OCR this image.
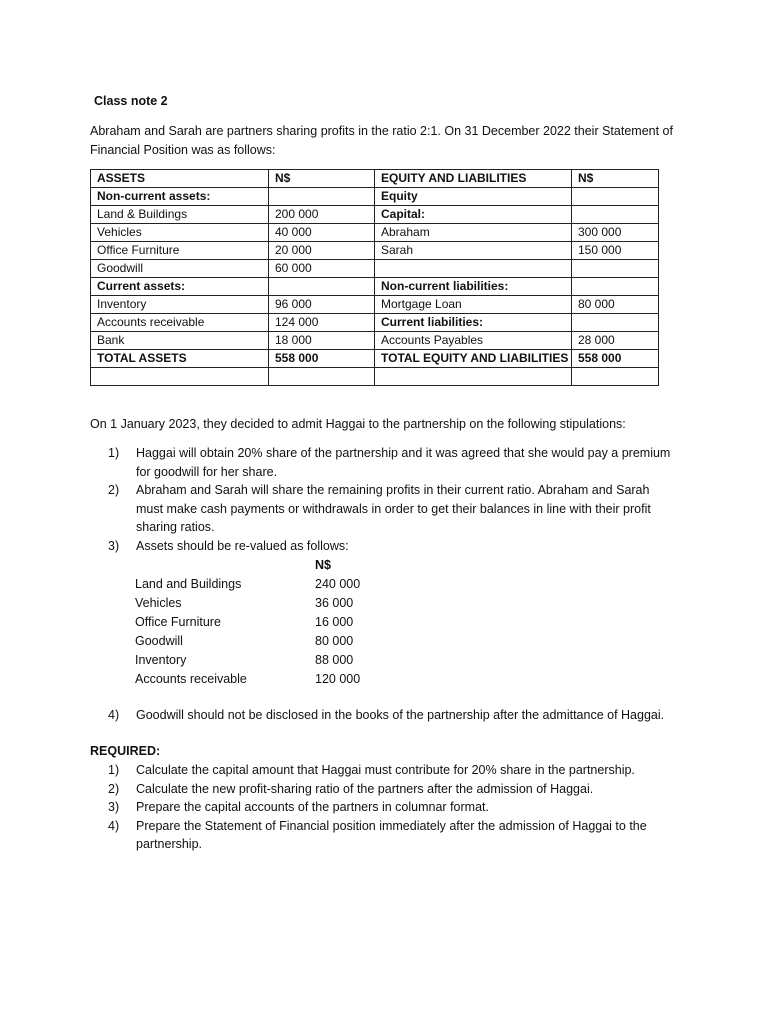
Class note 2
Abraham and Sarah are partners sharing profits in the ratio 2:1. On 31 December 2022 their Statement of Financial Position was as follows:
ASSETS	N$	EQUITY AND LIABILITIES	N$
Non-current assets:		Equity	
Land & Buildings	200 000	Capital:	
Vehicles	40 000	Abraham	300 000
Office Furniture	20 000	Sarah	150 000
Goodwill	60 000		
Current assets:		Non-current liabilities:	
Inventory	96 000	Mortgage Loan	80 000
Accounts receivable	124 000	Current liabilities:	
Bank	18 000	Accounts Payables	28 000
TOTAL ASSETS	558 000	TOTAL EQUITY AND LIABILITIES	558 000

On 1 January 2023, they decided to admit Haggai to the partnership on the following stipulations:
1) Haggai will obtain 20% share of the partnership and it was agreed that she would pay a premium for goodwill for her share.
2) Abraham and Sarah will share the remaining profits in their current ratio. Abraham and Sarah must make cash payments or withdrawals in order to get their balances in line with their profit sharing ratios.
3) Assets should be re-valued as follows:
N$
Land and Buildings	240 000
Vehicles	36 000
Office Furniture	16 000
Goodwill	80 000
Inventory	88 000
Accounts receivable	120 000
4) Goodwill should not be disclosed in the books of the partnership after the admittance of Haggai.
REQUIRED:
1) Calculate the capital amount that Haggai must contribute for 20% share in the partnership.
2) Calculate the new profit-sharing ratio of the partners after the admission of Haggai.
3) Prepare the capital accounts of the partners in columnar format.
4) Prepare the Statement of Financial position immediately after the admission of Haggai to the partnership.
